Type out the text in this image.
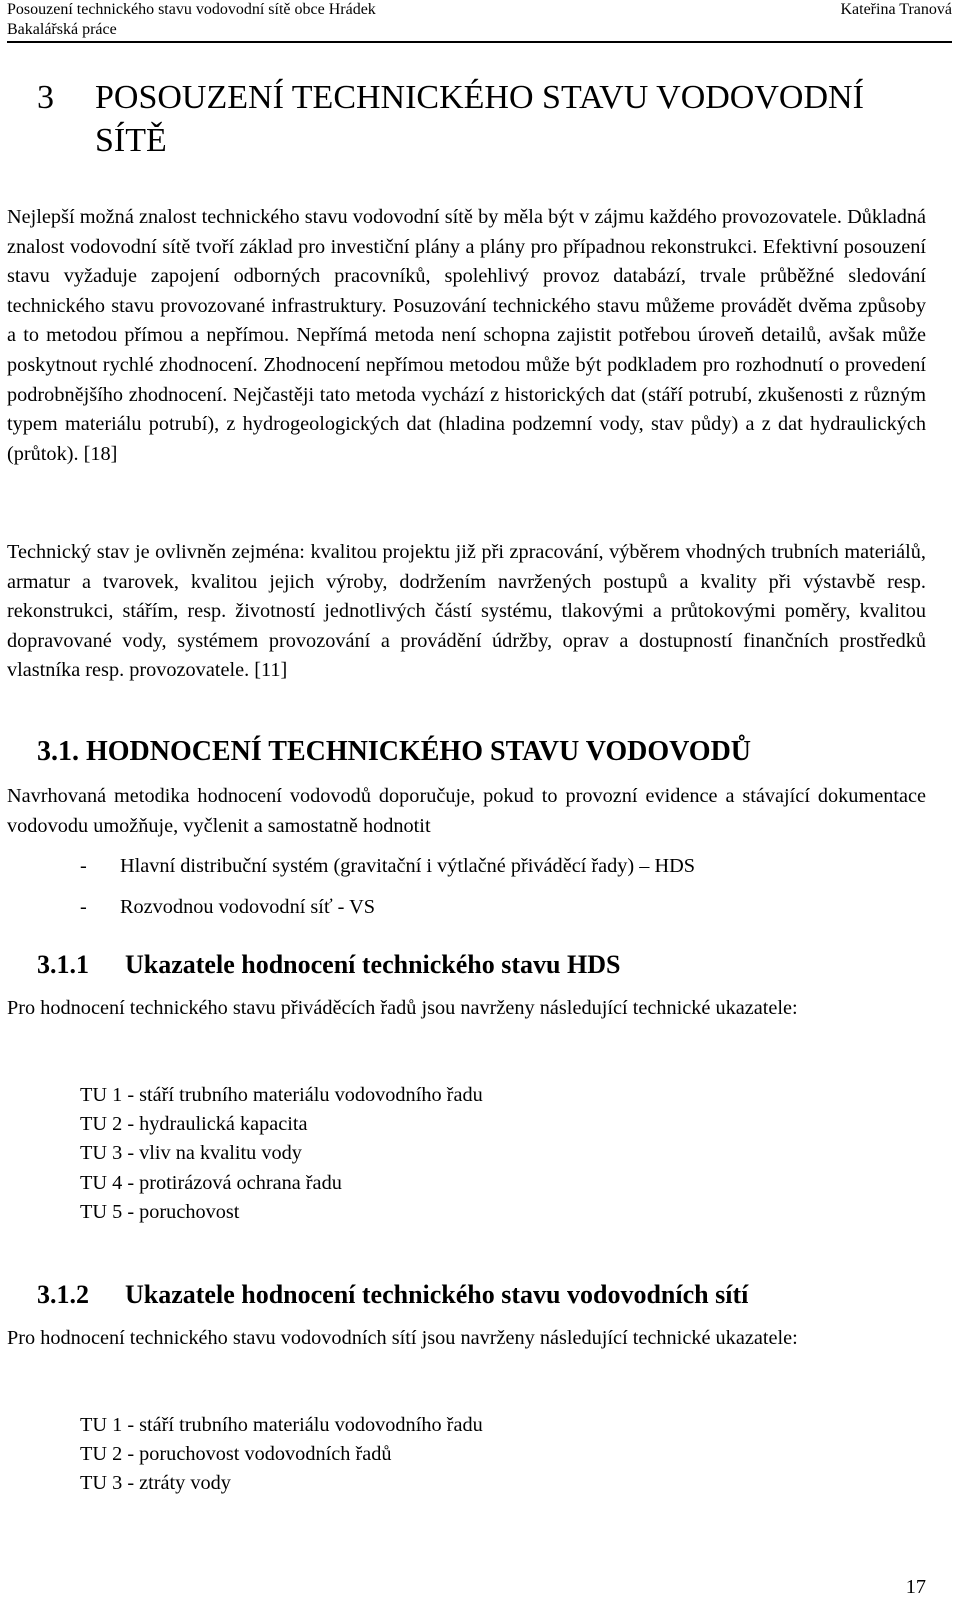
Posouzení technického stavu vodovodní sítě obce Hrádek
Bakalářská práce
Kateřina Tranová
3 POSOUZENÍ TECHNICKÉHO STAVU VODOVODNÍ SÍTĚ

Nejlepší možná znalost technického stavu vodovodní sítě by měla být v zájmu každého provozovatele. Důkladná znalost vodovodní sítě tvoří základ pro investiční plány a plány pro případnou rekonstrukci. Efektivní posouzení stavu vyžaduje zapojení odborných pracovníků, spolehlivý provoz databází, trvale průběžné sledování technického stavu provozované infrastruktury. Posuzování technického stavu můžeme provádět dvěma způsoby a to metodou přímou a nepřímou. Nepřímá metoda není schopna zajistit potřebou úroveň detailů, avšak může poskytnout rychlé zhodnocení. Zhodnocení nepřímou metodou může být podkladem pro rozhodnutí o provedení podrobnějšího zhodnocení. Nejčastěji tato metoda vychází z historických dat (stáří potrubí, zkušenosti z různým typem materiálu potrubí), z hydrogeologických dat (hladina podzemní vody, stav půdy) a z dat hydraulických (průtok). [18]

Technický stav je ovlivněn zejména: kvalitou projektu již při zpracování, výběrem vhodných trubních materiálů, armatur a tvarovek, kvalitou jejich výroby, dodržením navržených postupů a kvality při výstavbě resp. rekonstrukci, stářím, resp. životností jednotlivých částí systému, tlakovými a průtokovými poměry, kvalitou dopravované vody, systémem provozování a provádění údržby, oprav a dostupností finančních prostředků vlastníka resp. provozovatele. [11]

3.1. HODNOCENÍ TECHNICKÉHO STAVU VODOVODŮ

Navrhovaná metodika hodnocení vodovodů doporučuje, pokud to provozní evidence a stávající dokumentace vodovodu umožňuje, vyčlenit a samostatně hodnotit

- Hlavní distribuční systém (gravitační i výtlačné přiváděcí řady) – HDS
- Rozvodnou vodovodní síť - VS
3.1.1 Ukazatele hodnocení technického stavu HDS

Pro hodnocení technického stavu přiváděcích řadů jsou navrženy následující technické ukazatele:

TU 1 - stáří trubního materiálu vodovodního řadu
TU 2 - hydraulická kapacita
TU 3 - vliv na kvalitu vody
TU 4 - protirázová ochrana řadu
TU 5 - poruchovost
3.1.2 Ukazatele hodnocení technického stavu vodovodních sítí

Pro hodnocení technického stavu vodovodních sítí jsou navrženy následující technické ukazatele:

TU 1 - stáří trubního materiálu vodovodního řadu
TU 2 - poruchovost vodovodních řadů
TU 3 - ztráty vody
17
